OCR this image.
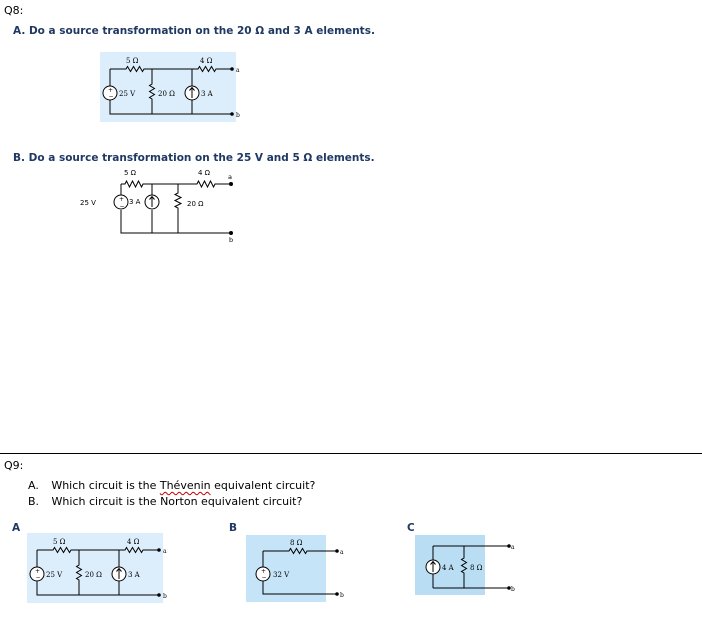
Q8:
A. Do a source transformation on the 20 Ω and 3 A elements.
+
−
5 Ω	4 Ω
25 V	20 Ω	3 A
a
b
B. Do a source transformation on the 25 V and 5 Ω elements.
+
−
5 Ω	4 Ω
25 V	3 A	20 Ω
a
b
Q9:
A. Which circuit is the Thévenin equivalent circuit?
B. Which circuit is the Norton equivalent circuit?
A	B	C
+
−
5 Ω	4 Ω
25 V	20 Ω	3 A
a
b
+
−
8 Ω
32 V
a
b
4 A 8 Ω
a
b
